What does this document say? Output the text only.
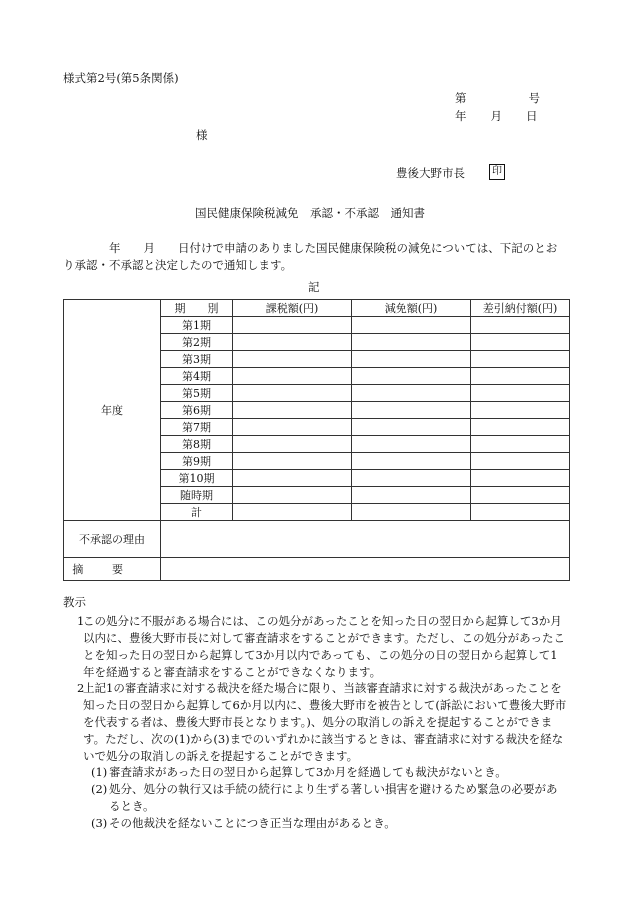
様式第2号(第5条関係)
第	号
年 月 日
様
豊後大野市長	印
国民健康保険税減免　承認・不承認　通知書
　　　　年　　月　　日付けで申請のありました国民健康保険税の減免については、下記のとおり承認・不承認と決定したので通知します。
記
年度	期　　別	課税額(円)	減免額(円)	差引納付額(円)
	第1期			
	第2期			
	第3期			
	第4期			
	第5期			
	第6期			
	第7期			
	第8期			
	第9期			
	第10期			
	随時期			
	計			
不承認の理由				
摘要				
教示
1
この処分に不服がある場合には、この処分があったことを知った日の翌日から起算して3か月以内に、豊後大野市長に対して審査請求をすることができます。ただし、この処分があったことを知った日の翌日から起算して3か月以内であっても、この処分の日の翌日から起算して1年を経過すると審査請求をすることができなくなります。
2
上記1の審査請求に対する裁決を経た場合に限り、当該審査請求に対する裁決があったことを知った日の翌日から起算して6か月以内に、豊後大野市を被告として(訴訟において豊後大野市を代表する者は、豊後大野市長となります。)、処分の取消しの訴えを提起することができます。ただし、次の(1)から(3)までのいずれかに該当するときは、審査請求に対する裁決を経ないで処分の取消しの訴えを提起することができます。
(1) 審査請求があった日の翌日から起算して3か月を経過しても裁決がないとき。
(2) 処分、処分の執行又は手続の続行により生ずる著しい損害を避けるため緊急の必要があるとき。
(3) その他裁決を経ないことにつき正当な理由があるとき。
